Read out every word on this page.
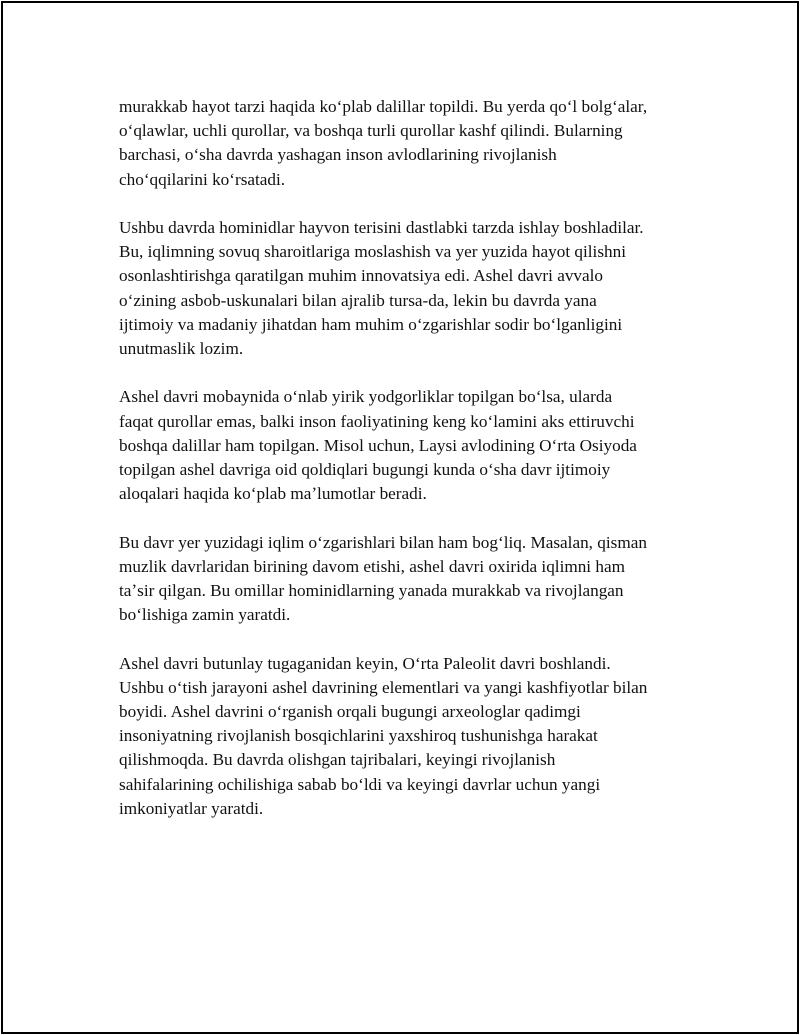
murakkab hayot tarzi haqida koʻplab dalillar topildi. Bu yerda qoʻl bolgʻalar,
oʻqlawlar, uchli qurollar, va boshqa turli qurollar kashf qilindi. Bularning
barchasi, oʻsha davrda yashagan inson avlodlarining rivojlanish
choʻqqilarini koʻrsatadi.

Ushbu davrda hominidlar hayvon terisini dastlabki tarzda ishlay boshladilar.
Bu, iqlimning sovuq sharoitlariga moslashish va yer yuzida hayot qilishni
osonlashtirishga qaratilgan muhim innovatsiya edi. Ashel davri avvalo
oʻzining asbob-uskunalari bilan ajralib tursa-da, lekin bu davrda yana
ijtimoiy va madaniy jihatdan ham muhim oʻzgarishlar sodir boʻlganligini
unutmaslik lozim.

Ashel davri mobaynida oʻnlab yirik yodgorliklar topilgan boʻlsa, ularda
faqat qurollar emas, balki inson faoliyatining keng koʻlamini aks ettiruvchi
boshqa dalillar ham topilgan. Misol uchun, Laysi avlodining Oʻrta Osiyoda
topilgan ashel davriga oid qoldiqlari bugungi kunda oʻsha davr ijtimoiy
aloqalari haqida koʻplab maʼlumotlar beradi.

Bu davr yer yuzidagi iqlim oʻzgarishlari bilan ham bogʻliq. Masalan, qisman
muzlik davrlaridan birining davom etishi, ashel davri oxirida iqlimni ham
taʼsir qilgan. Bu omillar hominidlarning yanada murakkab va rivojlangan
boʻlishiga zamin yaratdi.

Ashel davri butunlay tugaganidan keyin, Oʻrta Paleolit davri boshlandi.
Ushbu oʻtish jarayoni ashel davrining elementlari va yangi kashfiyotlar bilan
boyidi. Ashel davrini oʻrganish orqali bugungi arxeologlar qadimgi
insoniyatning rivojlanish bosqichlarini yaxshiroq tushunishga harakat
qilishmoqda. Bu davrda olishgan tajribalari, keyingi rivojlanish
sahifalarining ochilishiga sabab boʻldi va keyingi davrlar uchun yangi
imkoniyatlar yaratdi.
